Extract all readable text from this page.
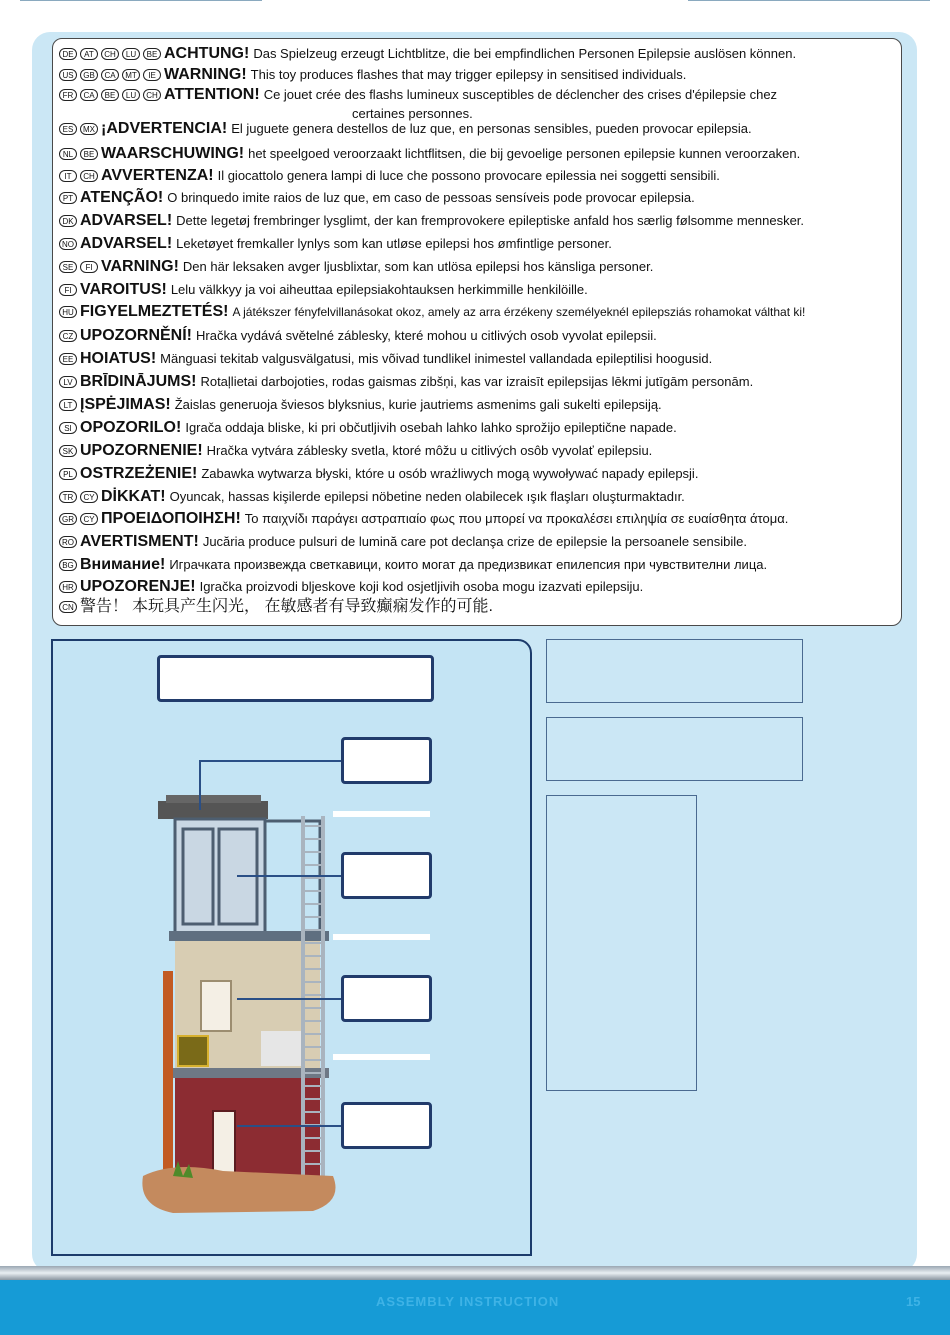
certaines personnes.
DE AT CH LU BE ACHTUNG! Das Spielzeug erzeugt Lichtblitze, die bei empfindlichen Personen Epilepsie auslösen können.
US GB CA MT IE WARNING! This toy produces flashes that may trigger epilepsy in sensitised individuals.
FR CA BE LU CH ATTENTION! Ce jouet crée des flashs lumineux susceptibles de déclencher des crises d'épilepsie chez
ES MX ¡ADVERTENCIA! El juguete genera destellos de luz que, en personas sensibles, pueden provocar epilepsia.
NL BE WAARSCHUWING! het speelgoed veroorzaakt lichtflitsen, die bij gevoelige personen epilepsie kunnen veroorzaken.
IT CH AVVERTENZA! Il giocattolo genera lampi di luce che possono provocare epilessia nei soggetti sensibili.
PT ATENÇÃO! O brinquedo imite raios de luz que, em caso de pessoas sensíveis pode provocar epilepsia.
DK ADVARSEL! Dette legetøj frembringer lysglimt, der kan fremprovokere epileptiske anfald hos særlig følsomme mennesker.
NO ADVARSEL! Leketøyet fremkaller lynlys som kan utløse epilepsi hos ømfintlige personer.
SE FI VARNING! Den här leksaken avger ljusblixtar, som kan utlösa epilepsi hos känsliga personer.
FI VAROITUS! Lelu välkkyy ja voi aiheuttaa epilepsiakohtauksen herkimmille henkilöille.
HU FIGYELMEZTETÉS! A játékszer fényfelvillanásokat okoz, amely az arra érzékeny személyeknél epilepsziás rohamokat válthat ki!
CZ UPOZORNĚNÍ! Hračka vydává světelné záblesky, které mohou u citlivých osob vyvolat epilepsii.
EE HOIATUS! Mänguasi tekitab valgusvälgatusi, mis võivad tundlikel inimestel vallandada epileptilisi hoogusid.
LV BRĪDINĀJUMS! Rotaļlietai darbojoties, rodas gaismas zibšņi, kas var izraisīt epilepsijas lēkmi jutīgām personām.
LT ĮSPĖJIMAS! Žaislas generuoja šviesos blyksnius, kurie jautriems asmenims gali sukelti epilepsiją.
SI OPOZORILO! Igrača oddaja bliske, ki pri občutljivih osebah lahko lahko sprožijo epileptične napade.
SK UPOZORNENIE! Hračka vytvára záblesky svetla, ktoré môžu u citlivých osôb vyvolať epilepsiu.
PL OSTRZEŻENIE! Zabawka wytwarza błyski, które u osób wrażliwych mogą wywoływać napady epilepsji.
TR CY DİKKAT! Oyuncak, hassas kişilerde epilepsi nöbetine neden olabilecek ışık flaşları oluşturmaktadır.
GR CY ΠΡΟΕΙΔΟΠΟΙΗΣΗ! Το παιχνίδι παράγει αστραπιαίο φως που μπορεί να προκαλέσει επιληψία σε ευαίσθητα άτομα.
RO AVERTISMENT! Jucăria produce pulsuri de lumină care pot declanşa crize de epilepsie la persoanele sensibile.
BG Внимание! Играчката произвежда светкавици, които могат да предизвикат епилепсия при чувствителни лица.
HR UPOZORENJE! Igračka proizvodi bljeskove koji kod osjetljivih osoba mogu izazvati epilepsiju.
CN 警告！ 本玩具产生闪光， 在敏感者有导致癫痫发作的可能.
ASSEMBLY INSTRUCTION	15
